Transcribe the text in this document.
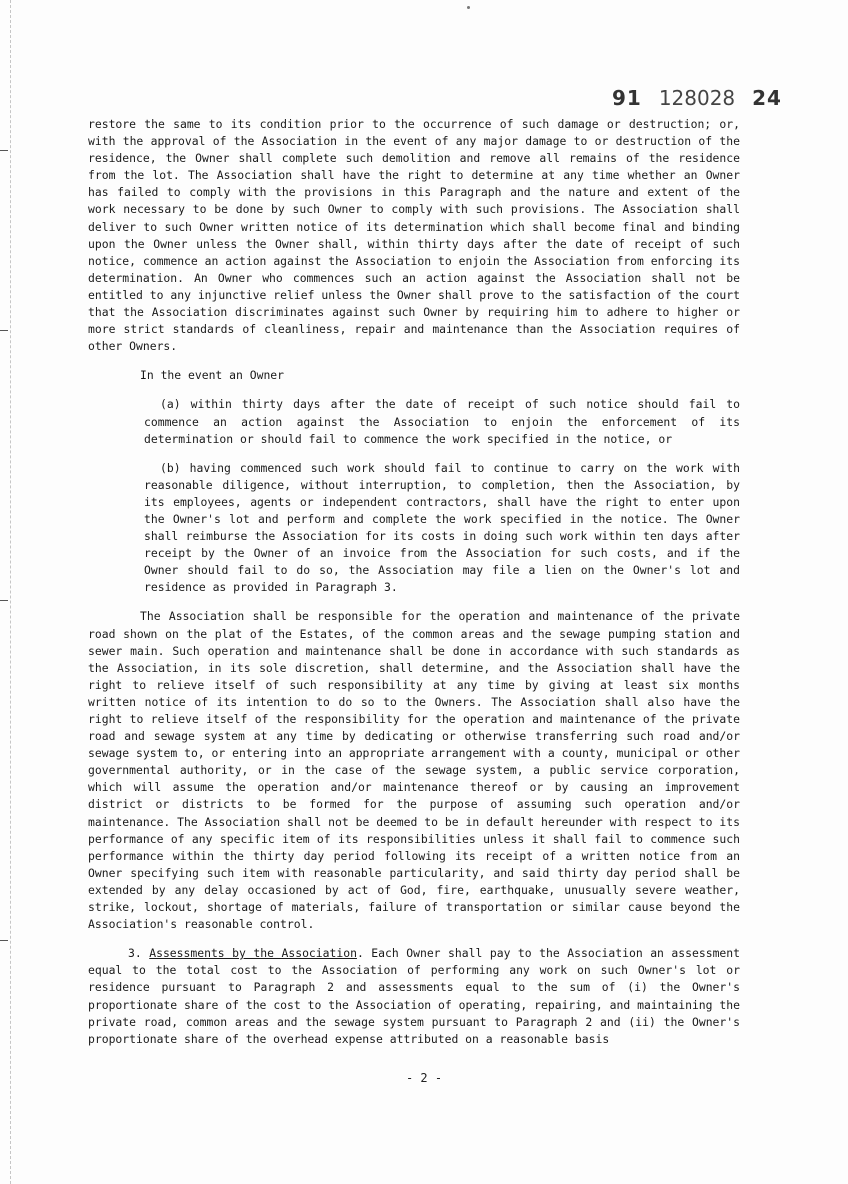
91 128028 24

restore the same to its condition prior to the occurrence of such damage or destruction; or, with the approval of the Association in the event of any major damage to or destruction of the residence, the Owner shall complete such demolition and remove all remains of the residence from the lot. The Association shall have the right to determine at any time whether an Owner has failed to comply with the provisions in this Paragraph and the nature and extent of the work necessary to be done by such Owner to comply with such provisions. The Association shall deliver to such Owner written notice of its determination which shall become final and binding upon the Owner unless the Owner shall, within thirty days after the date of receipt of such notice, commence an action against the Association to enjoin the Association from enforcing its determination. An Owner who commences such an action against the Association shall not be entitled to any injunctive relief unless the Owner shall prove to the satisfaction of the court that the Association discriminates against such Owner by requiring him to adhere to higher or more strict standards of cleanliness, repair and maintenance than the Association requires of other Owners.

In the event an Owner

(a) within thirty days after the date of receipt of such notice should fail to commence an action against the Association to enjoin the enforcement of its determination or should fail to commence the work specified in the notice, or

(b) having commenced such work should fail to continue to carry on the work with reasonable diligence, without interruption, to completion, then the Association, by its employees, agents or independent contractors, shall have the right to enter upon the Owner's lot and perform and complete the work specified in the notice. The Owner shall reimburse the Association for its costs in doing such work within ten days after receipt by the Owner of an invoice from the Association for such costs, and if the Owner should fail to do so, the Association may file a lien on the Owner's lot and residence as provided in Paragraph 3.

The Association shall be responsible for the operation and maintenance of the private road shown on the plat of the Estates, of the common areas and the sewage pumping station and sewer main. Such operation and maintenance shall be done in accordance with such standards as the Association, in its sole discretion, shall determine, and the Association shall have the right to relieve itself of such responsibility at any time by giving at least six months written notice of its intention to do so to the Owners. The Association shall also have the right to relieve itself of the responsibility for the operation and maintenance of the private road and sewage system at any time by dedicating or otherwise transferring such road and/or sewage system to, or entering into an appropriate arrangement with a county, municipal or other governmental authority, or in the case of the sewage system, a public service corporation, which will assume the operation and/or maintenance thereof or by causing an improvement district or districts to be formed for the purpose of assuming such operation and/or maintenance. The Association shall not be deemed to be in default hereunder with respect to its performance of any specific item of its responsibilities unless it shall fail to commence such performance within the thirty day period following its receipt of a written notice from an Owner specifying such item with reasonable particularity, and said thirty day period shall be extended by any delay occasioned by act of God, fire, earthquake, unusually severe weather, strike, lockout, shortage of materials, failure of transportation or similar cause beyond the Association's reasonable control.

3. Assessments by the Association. Each Owner shall pay to the Association an assessment equal to the total cost to the Association of performing any work on such Owner's lot or residence pursuant to Paragraph 2 and assessments equal to the sum of (i) the Owner's proportionate share of the cost to the Association of operating, repairing, and maintaining the private road, common areas and the sewage system pursuant to Paragraph 2 and (ii) the Owner's proportionate share of the overhead expense attributed on a reasonable basis

- 2 -
